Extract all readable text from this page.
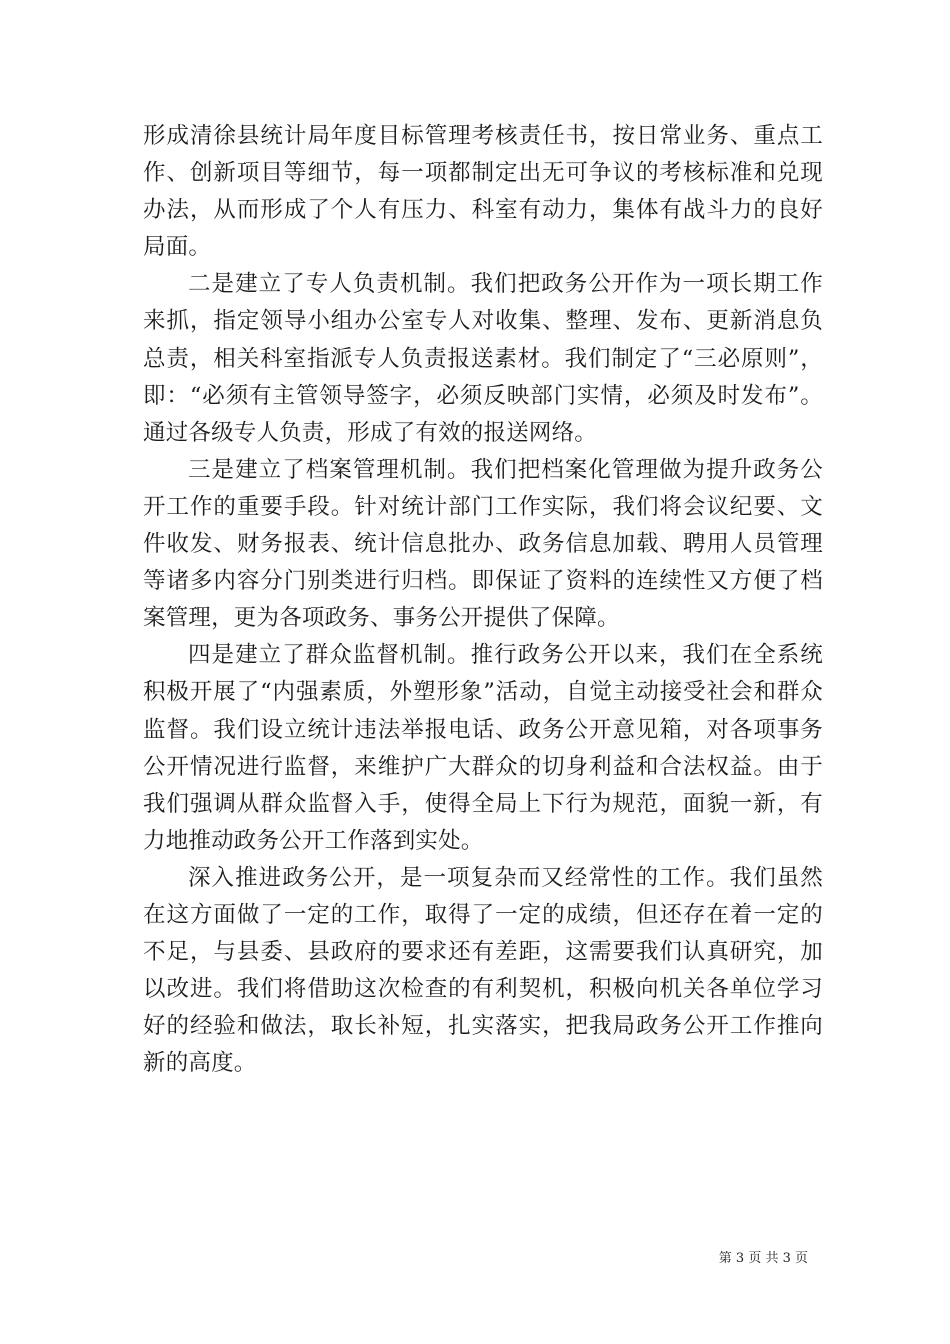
形成清徐县统计局年度目标管理考核责任书，按日常业务、重点工作、创新项目等细节，每一项都制定出无可争议的考核标准和兑现办法，从而形成了个人有压力、科室有动力，集体有战斗力的良好局面。

二是建立了专人负责机制。我们把政务公开作为一项长期工作来抓，指定领导小组办公室专人对收集、整理、发布、更新消息负总责，相关科室指派专人负责报送素材。我们制定了“三必原则”，即：“必须有主管领导签字，必须反映部门实情，必须及时发布”。通过各级专人负责，形成了有效的报送网络。

三是建立了档案管理机制。我们把档案化管理做为提升政务公开工作的重要手段。针对统计部门工作实际，我们将会议纪要、文件收发、财务报表、统计信息批办、政务信息加载、聘用人员管理等诸多内容分门别类进行归档。即保证了资料的连续性又方便了档案管理，更为各项政务、事务公开提供了保障。

四是建立了群众监督机制。推行政务公开以来，我们在全系统积极开展了“内强素质，外塑形象”活动，自觉主动接受社会和群众监督。我们设立统计违法举报电话、政务公开意见箱，对各项事务公开情况进行监督，来维护广大群众的切身利益和合法权益。由于我们强调从群众监督入手，使得全局上下行为规范，面貌一新，有力地推动政务公开工作落到实处。

深入推进政务公开，是一项复杂而又经常性的工作。我们虽然在这方面做了一定的工作，取得了一定的成绩，但还存在着一定的不足，与县委、县政府的要求还有差距，这需要我们认真研究，加以改进。我们将借助这次检查的有利契机，积极向机关各单位学习好的经验和做法，取长补短，扎实落实，把我局政务公开工作推向新的高度。

第 3 页 共 3 页
